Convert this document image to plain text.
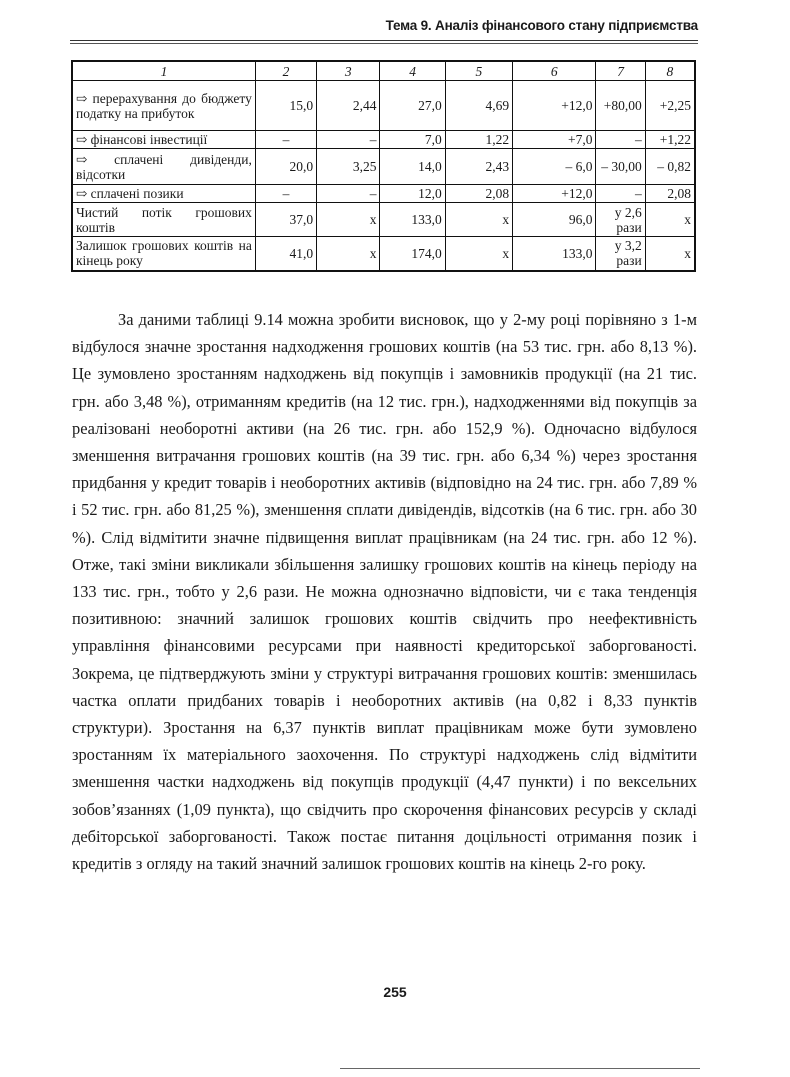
Тема 9. Аналіз фінансового стану підприємства
1	2	3	4	5	6	7	8
⇨ перерахування до бюджету податку на прибуток	15,0	2,44	27,0	4,69	+12,0	+80,00	+2,25
⇨ фінансові інвестиції	–	–	7,0	1,22	+7,0	–	+1,22
⇨ сплачені дивіденди, відсотки	20,0	3,25	14,0	2,43	– 6,0	– 30,00	– 0,82
⇨ сплачені позики	–	–	12,0	2,08	+12,0	–	2,08
Чистий потік грошових коштів	37,0	х	133,0	х	96,0	у 2,6 рази	х
Залишок грошових коштів на кінець року	41,0	х	174,0	х	133,0	у 3,2 рази	х

За даними таблиці 9.14 можна зробити висновок, що у 2-му році порівняно з 1-м відбулося значне зростання надходження грошових коштів (на 53 тис. грн. або 8,13 %). Це зумовлено зростанням надходжень від покупців і замовників продукції (на 21 тис. грн. або 3,48 %), отриманням кредитів (на 12 тис. грн.), надходженнями від покупців за реалізовані необоротні активи (на 26 тис. грн. або 152,9 %). Одночасно відбулося зменшення витрачання грошових коштів (на 39 тис. грн. або 6,34 %) через зростання придбання у кредит товарів і необоротних активів (відповідно на 24 тис. грн. або 7,89 % і 52 тис. грн. або 81,25 %), зменшення сплати дивідендів, відсотків (на 6 тис. грн. або 30 %). Слід відмітити значне підвищення виплат працівникам (на 24 тис. грн. або 12 %). Отже, такі зміни викликали збільшення залишку грошових коштів на кінець періоду на 133 тис. грн., тобто у 2,6 рази. Не можна однозначно відповісти, чи є така тенденція позитивною: значний залишок грошових коштів свідчить про неефективність управління фінансовими ресурсами при наявності кредиторської заборгованості. Зокрема, це підтверджують зміни у структурі витрачання грошових коштів: зменшилась частка оплати придбаних товарів і необоротних активів (на 0,82 і 8,33 пунктів структури). Зростання на 6,37 пунктів виплат працівникам може бути зумовлено зростанням їх матеріального заохочення. По структурі надходжень слід відмітити зменшення частки надходжень від покупців продукції (4,47 пункти) і по вексельних зобов’язаннях (1,09 пункта), що свідчить про скорочення фінансових ресурсів у складі дебіторської заборгованості. Також постає питання доцільності отримання позик і кредитів з огляду на такий значний залишок грошових коштів на кінець 2-го року.

255
